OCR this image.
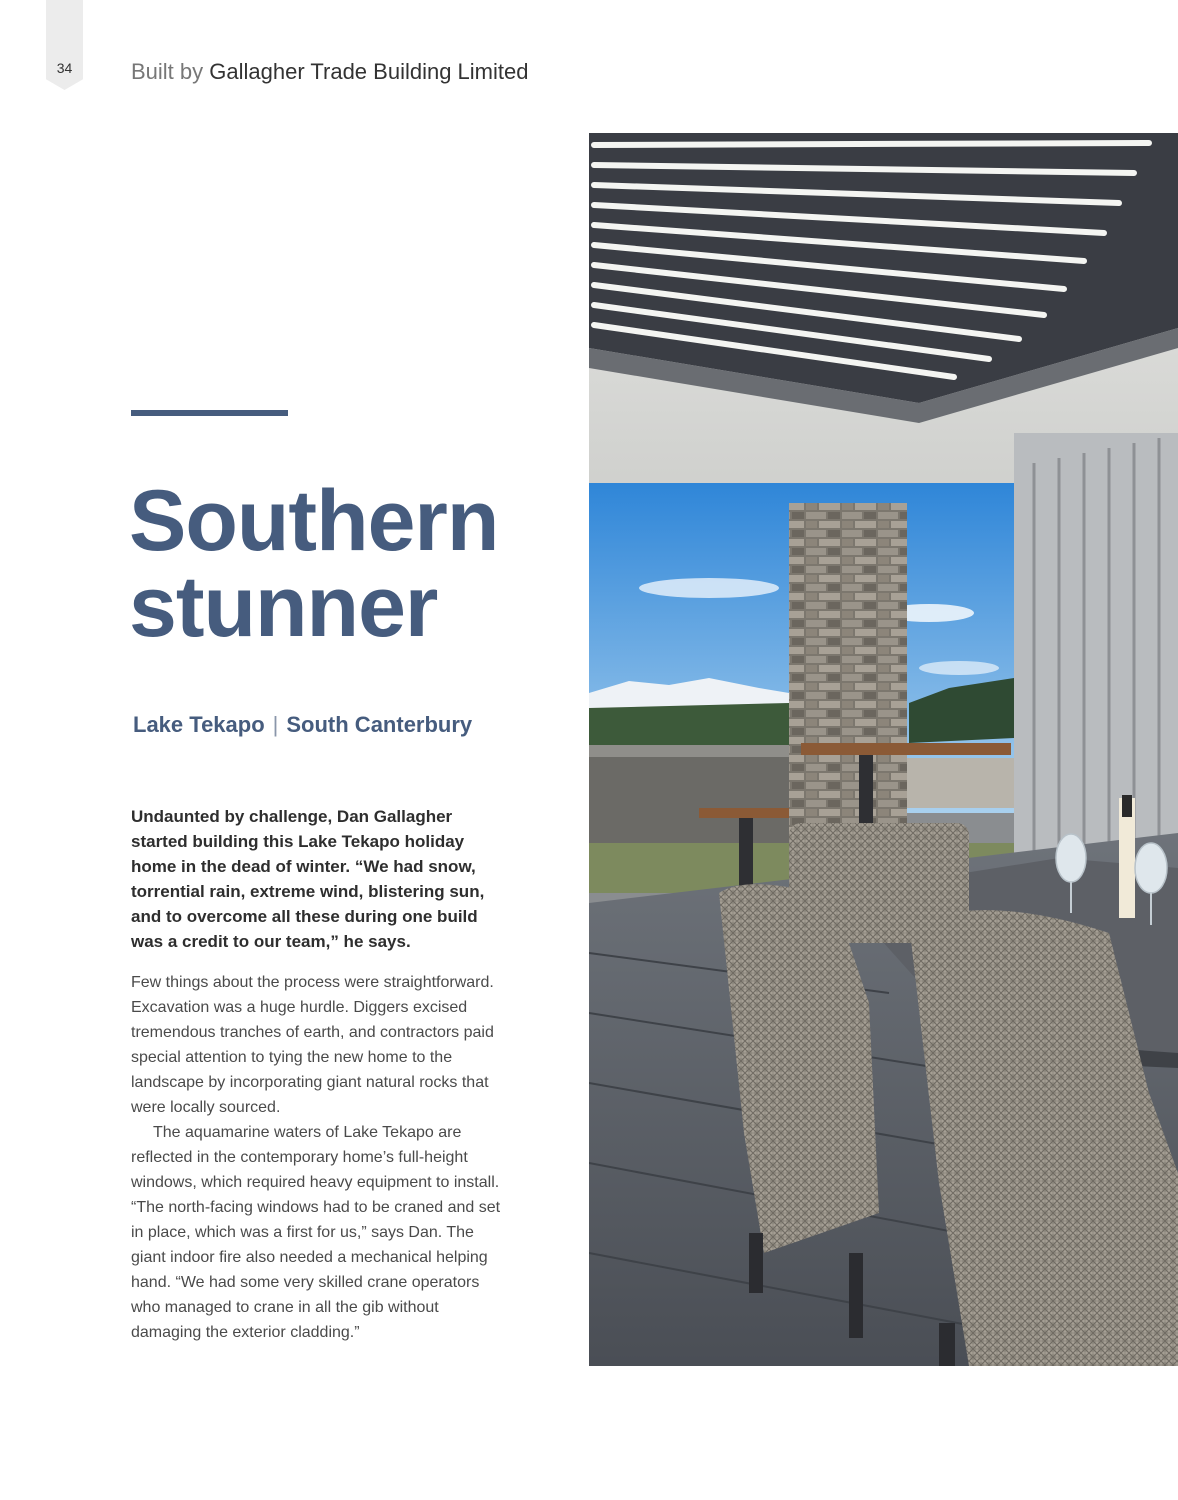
34	Built by Gallagher Trade Building Limited
Southern
stunner
Lake Tekapo | South Canterbury

Undaunted by challenge, Dan Gallagher started building this Lake Tekapo holiday home in the dead of winter. “We had snow, torrential rain, extreme wind, blistering sun, and to overcome all these during one build was a credit to our team,” he says.

Few things about the process were straightforward. Excavation was a huge hurdle. Diggers excised tremendous tranches of earth, and contractors paid special attention to tying the new home to the landscape by incorporating giant natural rocks that were locally sourced.

The aquamarine waters of Lake Tekapo are reflected in the contemporary home’s full-height windows, which required heavy equipment to install. “The north-facing windows had to be craned and set in place, which was a first for us,” says Dan. The giant indoor fire also needed a mechanical helping hand. “We had some very skilled crane operators who managed to crane in all the gib without damaging the exterior cladding.”
